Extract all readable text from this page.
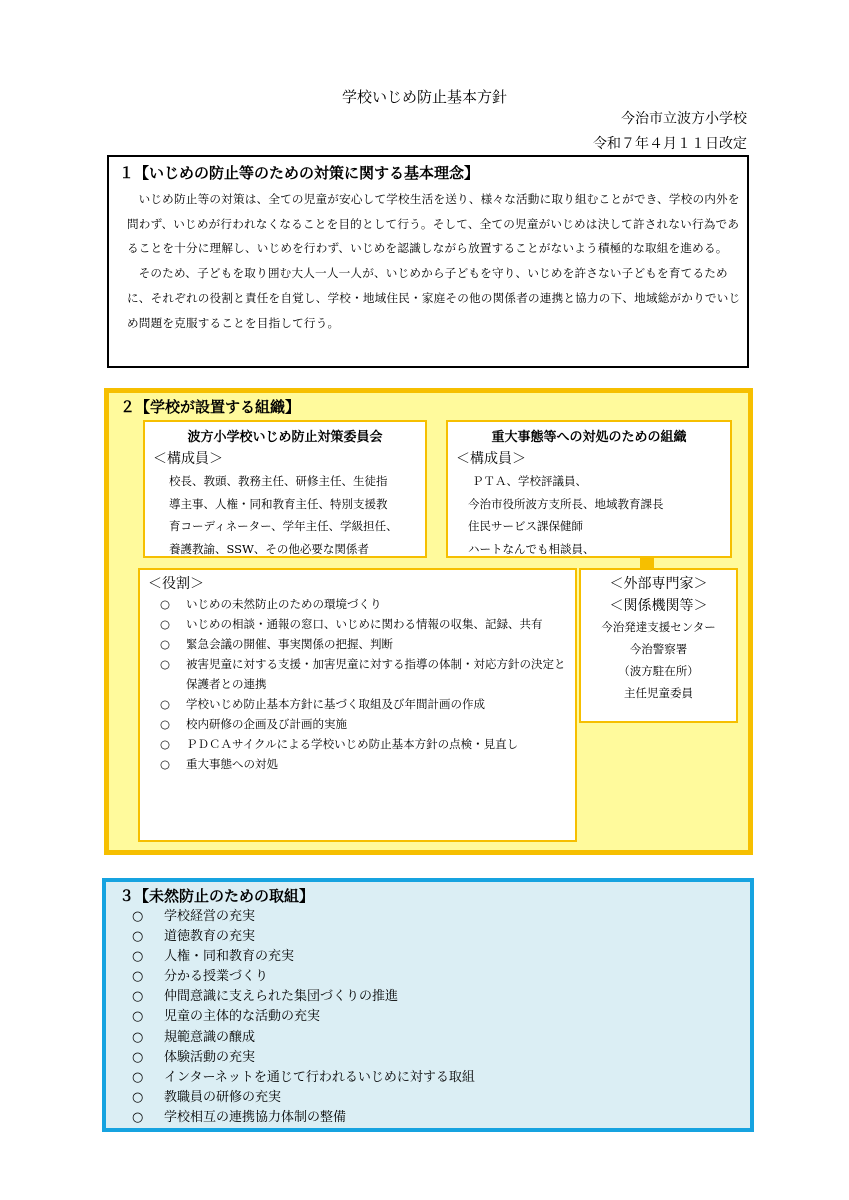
学校いじめ防止基本方針
今治市立波方小学校
令和７年４月１１日改定
１【いじめの防止等のための対策に関する基本理念】

いじめ防止等の対策は、全ての児童が安心して学校生活を送り、様々な活動に取り組むことができ、学校の内外を問わず、いじめが行われなくなることを目的として行う。そして、全ての児童がいじめは決して許されない行為であることを十分に理解し、いじめを行わず、いじめを認識しながら放置することがないよう積極的な取組を進める。

そのため、子どもを取り囲む大人一人一人が、いじめから子どもを守り、いじめを許さない子どもを育てるために、それぞれの役割と責任を自覚し、学校・地域住民・家庭その他の関係者の連携と協力の下、地域総がかりでいじめ問題を克服することを目指して行う。

２【学校が設置する組織】
波方小学校いじめ防止対策委員会
＜構成員＞
校長、教頭、教務主任、研修主任、生徒指
導主事、人権・同和教育主任、特別支援教
育コーディネーター、学年主任、学級担任、
養護教諭、SSW、その他必要な関係者
重大事態等への対処のための組織
＜構成員＞
ＰＴＡ、学校評議員、
今治市役所波方支所長、地域教育課長
住民サービス課保健師
ハートなんでも相談員、
＜役割＞
○	いじめの未然防止のための環境づくり
○	いじめの相談・通報の窓口、いじめに関わる情報の収集、記録、共有
○	緊急会議の開催、事実関係の把握、判断
○	被害児童に対する支援・加害児童に対する指導の体制・対応方針の決定と保護者との連携
○	学校いじめ防止基本方針に基づく取組及び年間計画の作成
○	校内研修の企画及び計画的実施
○	ＰＤＣＡサイクルによる学校いじめ防止基本方針の点検・見直し
○	重大事態への対処
＜外部専門家＞
＜関係機関等＞
今治発達支援センター
今治警察署
（波方駐在所）
主任児童委員
３【未然防止のための取組】
○	学校経営の充実
○	道徳教育の充実
○	人権・同和教育の充実
○	分かる授業づくり
○	仲間意識に支えられた集団づくりの推進
○	児童の主体的な活動の充実
○	規範意識の醸成
○	体験活動の充実
○	インターネットを通じて行われるいじめに対する取組
○	教職員の研修の充実
○	学校相互の連携協力体制の整備
